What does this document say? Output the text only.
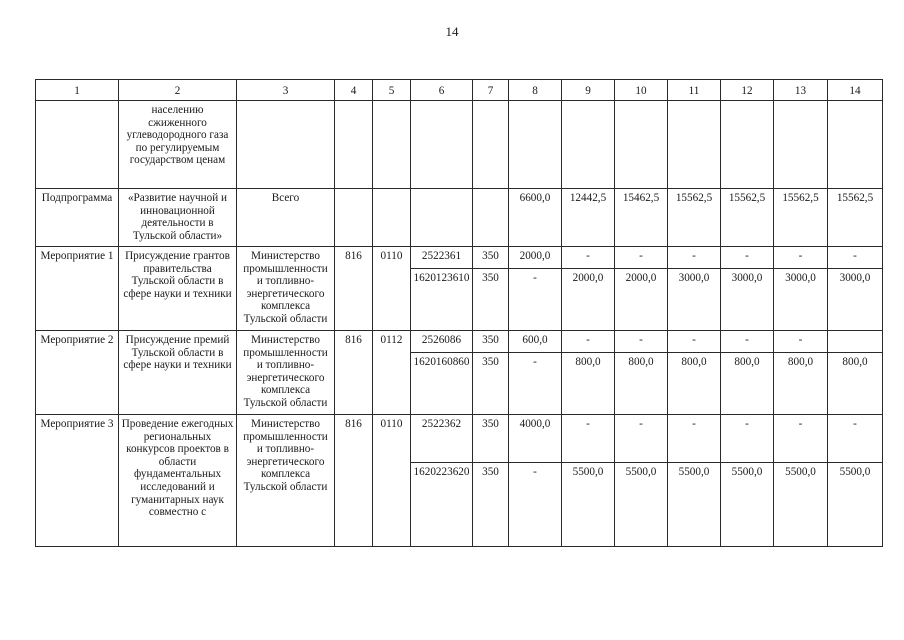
14
1	2	3	4	5	6	7	8	9	10	11	12	13	14
	населению сжиженного углеводородного газа по регулируемым государством ценам												
Подпрограмма	«Развитие научной и инновационной деятельности в Тульской области»	Всего					6600,0	12442,5	15462,5	15562,5	15562,5	15562,5	15562,5
Мероприятие 1	Присуждение грантов правительства Тульской области в сфере науки и техники	Министерство промышленности и топливно-энергетического комплекса Тульской области	816	0110	2522361	350	2000,0	-	-	-	-	-	-
					1620123610	350	-	2000,0	2000,0	3000,0	3000,0	3000,0	3000,0
Мероприятие 2	Присуждение премий Тульской области в сфере науки и техники	Министерство промышленности и топливно-энергетического комплекса Тульской области	816	0112	2526086	350	600,0	-	-	-	-	-	
					1620160860	350	-	800,0	800,0	800,0	800,0	800,0	800,0
Мероприятие 3	Проведение ежегодных региональных конкурсов проектов в области фундаментальных исследований и гуманитарных наук совместно с	Министерство промышленности и топливно-энергетического комплекса Тульской области	816	0110	2522362	350	4000,0	-	-	-	-	-	-
					1620223620	350	-	5500,0	5500,0	5500,0	5500,0	5500,0	5500,0
